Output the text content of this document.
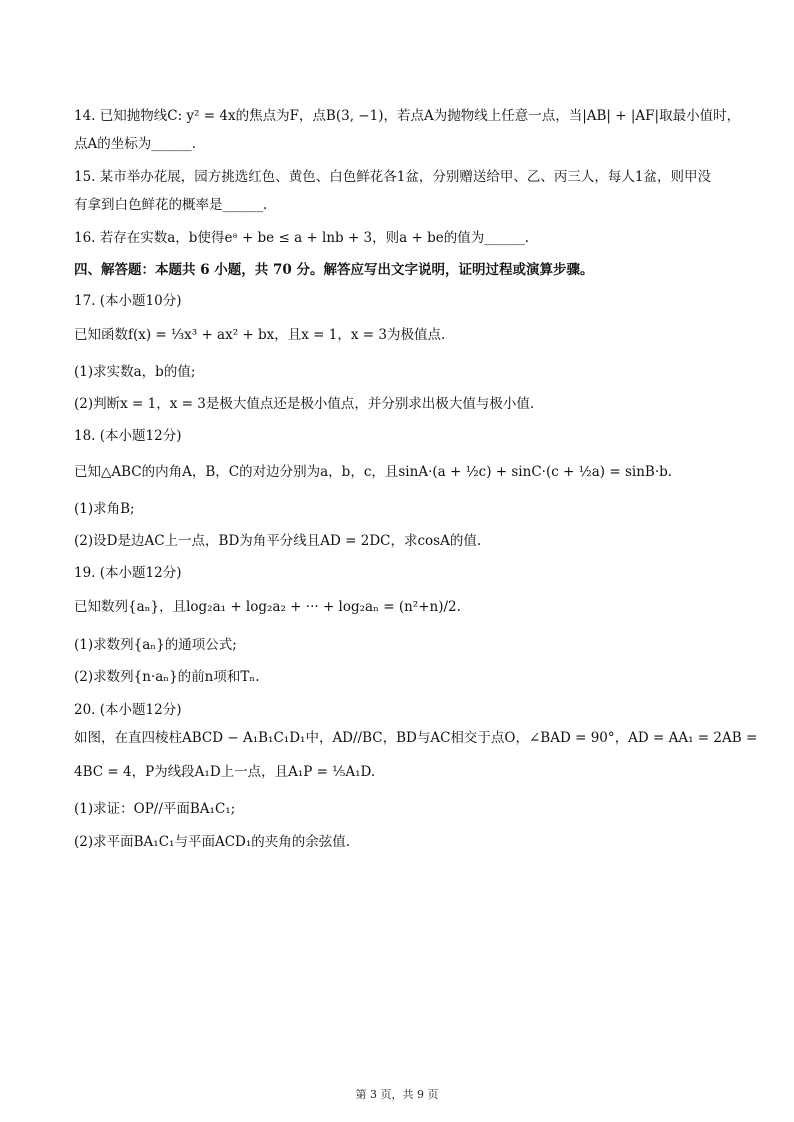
14. 已知抛物线C: y² = 4x的焦点为F，点B(3, −1)，若点A为抛物线上任意一点，当|AB| + |AF|取最小值时，
点A的坐标为______.
15. 某市举办花展，园方挑选红色、黄色、白色鲜花各1盆，分别赠送给甲、乙、丙三人，每人1盆，则甲没
有拿到白色鲜花的概率是______.
16. 若存在实数a，b使得eᵃ + be ≤ a + lnb + 3，则a + be的值为______.
四、解答题：本题共 6 小题，共 70 分。解答应写出文字说明，证明过程或演算步骤。
17. (本小题10分)
已知函数f(x) = ⅓x³ + ax² + bx，且x = 1，x = 3为极值点.
(1)求实数a，b的值;
(2)判断x = 1，x = 3是极大值点还是极小值点，并分别求出极大值与极小值.
18. (本小题12分)
已知△ABC的内角A，B，C的对边分别为a，b，c，且sinA·(a + ½c) + sinC·(c + ½a) = sinB·b.
(1)求角B;
(2)设D是边AC上一点，BD为角平分线且AD = 2DC，求cosA的值.
19. (本小题12分)
已知数列{aₙ}，且log₂a₁ + log₂a₂ + ··· + log₂aₙ = (n²+n)/2.
(1)求数列{aₙ}的通项公式;
(2)求数列{n·aₙ}的前n项和Tₙ.
20. (本小题12分)
如图，在直四棱柱ABCD − A₁B₁C₁D₁中，AD//BC，BD与AC相交于点O，∠BAD = 90°，AD = AA₁ = 2AB =
4BC = 4，P为线段A₁D上一点，且A₁P = ⅕A₁D.
(1)求证：OP//平面BA₁C₁;
(2)求平面BA₁C₁与平面ACD₁的夹角的余弦值.
第 3 页，共 9 页
